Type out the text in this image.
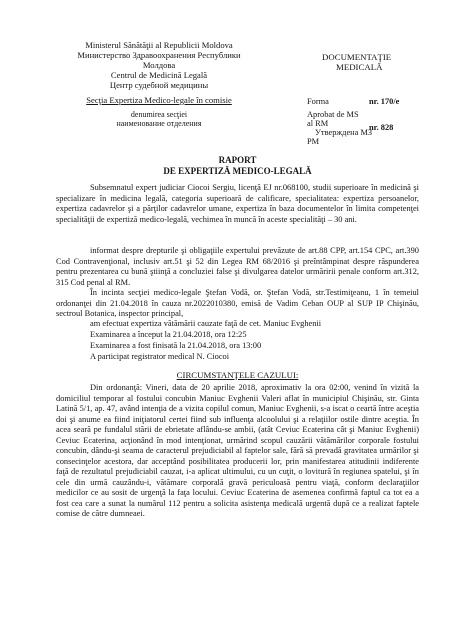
Ministerul Sănătăţii al Republicii Moldova
Министерство Здравоохранения Республики
Молдова
Centrul de Medicină Legală
Центр судебной медицины
Secţia Expertiza Medico-legale în comisie
denumirea secţiei
наименование отделения
DOCUMENTAŢIE
MEDICALĂ
Forma	nr. 170/e
Aprobat de MS
al RM
Утверждена МЗ
РМ
nr. 828
RAPORT
DE EXPERTIZĂ MEDICO-LEGALĂ

Subsemnatul expert judiciar Ciocoi Sergiu, licenţă EJ nr.068100, studii superioare în medicină şi specializare în medicina legală, categoria superioară de calificare, specialitatea: expertiza persoanelor, expertiza cadavrelor şi a părţilor cadavrelor umane, expertiza în baza documentelor în limita competenţei specialităţii de expertiză medico-legală, vechimea în muncă în aceste specialităţi – 30 ani.

informat despre drepturile şi obligaţiile expertului prevăzute de art.88 CPP, art.154 CPC, art.390 Cod Contravenţional, inclusiv art.51 şi 52 din Legea RM 68/2016 şi preîntâmpinat despre răspunderea pentru prezentarea cu bună ştiinţă a concluziei false şi divulgarea datelor urmăririi penale conform art.312, 315 Cod penal al RM.

În incinta secţiei medico-legale Ştefan Vodă, or. Ştefan Vodă, str.Testimiţeanu, 1 în temeiul ordonanţei din 21.04.2018 în cauza nr.2022010380, emisă de Vadim Ceban OUP al SUP IP Chişinău, sectroul Botanica, inspector principal,

am efectuat expertiza vătămării cauzate faţă de cet. Maniuc Evghenii
Examinarea a început la 21.04.2018, ora 12:25
Examinarea a fost finisată la 21.04.2018, ora 13:00
A participat registrator medical N. Ciocoi
CIRCUMSTANŢELE CAZULUI:

Din ordonanţă: Vineri, data de 20 aprilie 2018, aproximativ la ora 02:00, venind în vizită la domiciliul temporar al fostului concubin Maniuc Evghenii Valeri aflat în municipiul Chişinău, str. Ginta Latină 5/1, ap. 47, având intenţia de a vizita copilul comun, Maniuc Evghenii, s-a iscat o ceartă între aceştia doi şi anume ea fiind iniţiatorul certei fiind sub influenţa alcoolului şi a relaţiilor ostile dintre aceştia. În acea seară pe fundalul stării de ebrietate aflându-se ambii, (atât Ceviuc Ecaterina cât şi Maniuc Evghenii) Ceviuc Ecaterina, acţionând în mod intenţionat, urmărind scopul cauzării vătămărilor corporale fostului concubin, dându-şi seama de caracterul prejudiciabil al faptelor sale, fără să prevadă gravitatea urmărilor şi consecinţelor acestora, dar acceptând posibilitatea producerii lor, prin manifestarea atitudinii indiferente faţă de rezultatul prejudiciabil cauzat, i-a aplicat ultimului, cu un cuţit, o lovitură în regiunea spatelui, şi în cele din urmă cauzându-i, vătămare corporală gravă periculoasă pentru viaţă, conform declaraţiilor medicilor ce au sosit de urgenţă la faţa locului. Ceviuc Ecaterina de asemenea confirmă faptul ca tot ea a fost cea care a sunat la numărul 112 pentru a solicita asistenţa medicală urgentă după ce a realizat faptele comise de către dumneaei.
